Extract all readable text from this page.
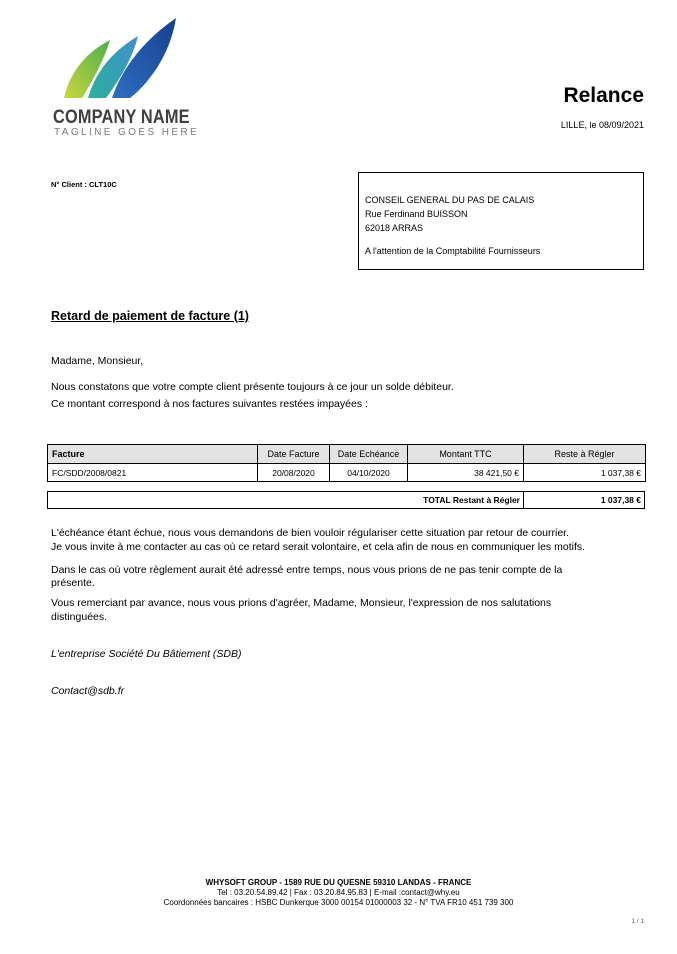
COMPANY NAME
TAGLINE GOES HERE
Relance
LILLE, le 08/09/2021
N° Client : CLT10C
CONSEIL GENERAL DU PAS DE CALAIS
Rue Ferdinand BUISSON
62018 ARRAS
A l'attention de la Comptabilité Fournisseurs
Retard de paiement de facture (1)
Madame, Monsieur,
Nous constatons que votre compte client présente toujours à ce jour un solde débiteur.
Ce montant correspond à nos factures suivantes restées impayées :
Facture	Date Facture	Date Echéance	Montant TTC	Reste à Régler
FC/SDD/2008/0821	20/08/2020	04/10/2020	38 421,50 €	1 037,38 €
TOTAL Restant à Régler	1 037,38 €
L'échéance étant échue, nous vous demandons de bien vouloir régulariser cette situation par retour de courrier.
Je vous invite à me contacter au cas où ce retard serait volontaire, et cela afin de nous en communiquer les motifs.
Dans le cas où votre règlement aurait été adressé entre temps, nous vous prions de ne pas tenir compte de la
présente.
Vous remerciant par avance, nous vous prions d'agréer, Madame, Monsieur, l'expression de nos salutations
distinguées.
L'entreprise Société Du Bâtiement (SDB)
Contact@sdb.fr
WHYSOFT GROUP - 1589 RUE DU QUESNE 59310 LANDAS - FRANCE
Tel : 03.20.54.89.42 | Fax : 03.20.84.95.83 | E-mail :contact@why.eu
Coordonnées bancaires : HSBC Dunkerque 3000 00154 01000003 32 - N° TVA FR10 451 739 300
1 / 1
